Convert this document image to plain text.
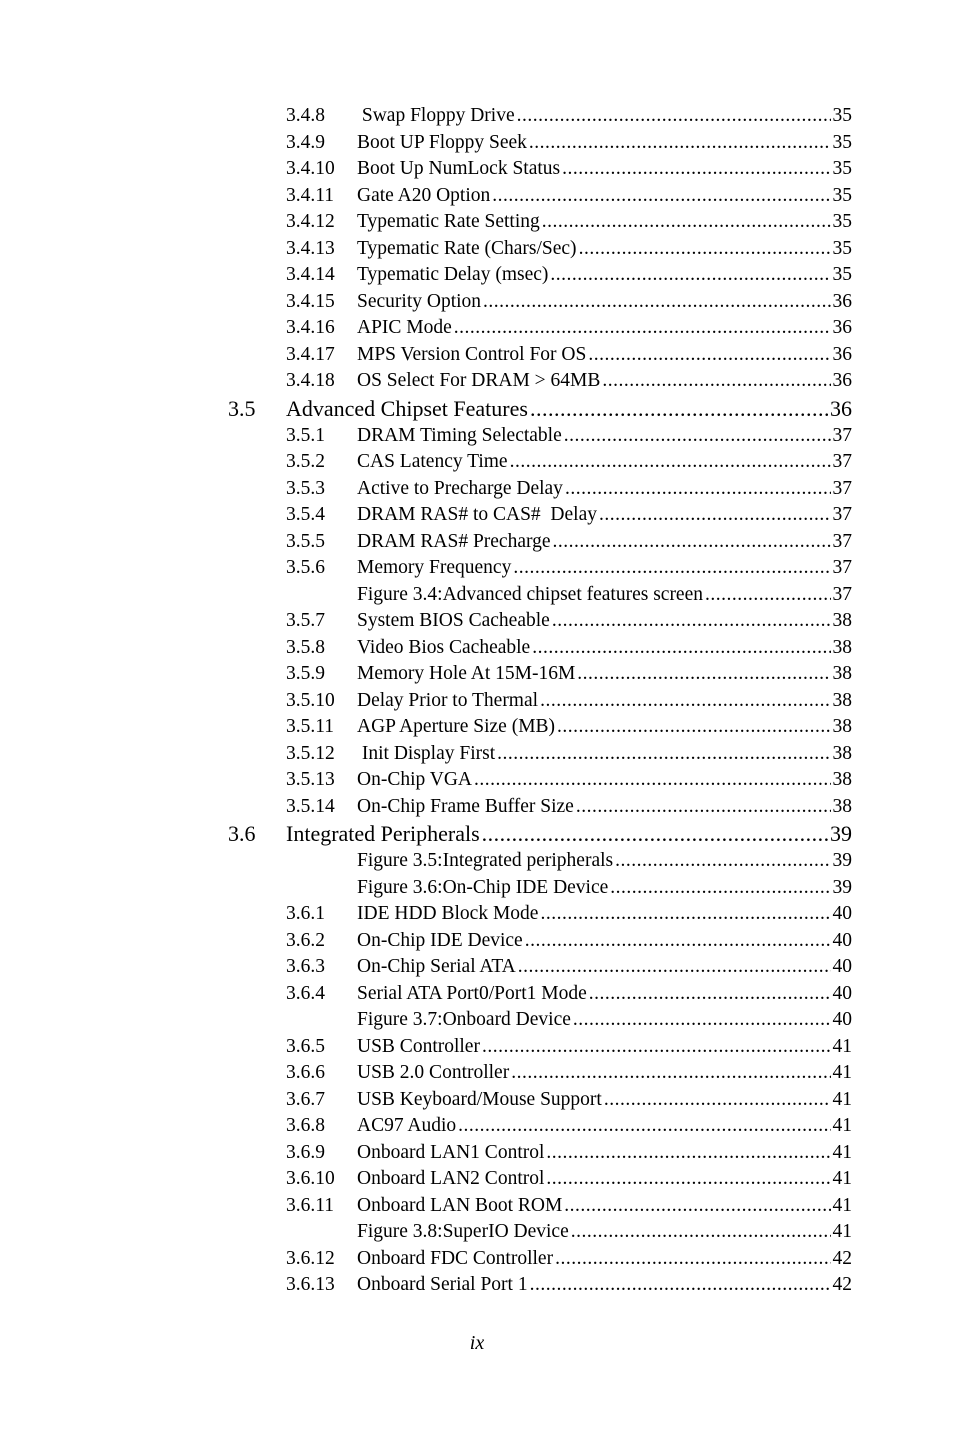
3.4.8 Swap Floppy Drive .....	35
3.4.9 Boot UP Floppy Seek .....	35
3.4.10 Boot Up NumLock Status .....	35
3.4.11 Gate A20 Option .....	35
3.4.12 Typematic Rate Setting .....	35
3.4.13 Typematic Rate (Chars/Sec) .....	35
3.4.14 Typematic Delay (msec) .....	35
3.4.15 Security Option .....	36
3.4.16 APIC Mode .....	36
3.4.17 MPS Version Control For OS .....	36
3.4.18 OS Select For DRAM > 64MB .....	36
3.5 Advanced Chipset Features .....	36
3.5.1 DRAM Timing Selectable .....	37
3.5.2 CAS Latency Time .....	37
3.5.3 Active to Precharge Delay .....	37
3.5.4 DRAM RAS# to CAS#  Delay .....	37
3.5.5 DRAM RAS# Precharge .....	37
3.5.6 Memory Frequency .....	37
Figure 3.4:Advanced chipset features screen .....	37
3.5.7 System BIOS Cacheable .....	38
3.5.8 Video Bios Cacheable .....	38
3.5.9 Memory Hole At 15M-16M .....	38
3.5.10 Delay Prior to Thermal .....	38
3.5.11 AGP Aperture Size (MB) .....	38
3.5.12 Init Display First .....	38
3.5.13 On-Chip VGA .....	38
3.5.14 On-Chip Frame Buffer Size .....	38
3.6 Integrated Peripherals .....	39
Figure 3.5:Integrated peripherals .....	39
Figure 3.6:On-Chip IDE Device .....	39
3.6.1 IDE HDD Block Mode .....	40
3.6.2 On-Chip IDE Device .....	40
3.6.3 On-Chip Serial ATA .....	40
3.6.4 Serial ATA Port0/Port1 Mode .....	40
Figure 3.7:Onboard Device .....	40
3.6.5 USB Controller .....	41
3.6.6 USB 2.0 Controller .....	41
3.6.7 USB Keyboard/Mouse Support .....	41
3.6.8 AC97 Audio .....	41
3.6.9 Onboard LAN1 Control .....	41
3.6.10 Onboard LAN2 Control .....	41
3.6.11 Onboard LAN Boot ROM .....	41
Figure 3.8:SuperIO Device .....	41
3.6.12 Onboard FDC Controller .....	42
3.6.13 Onboard Serial Port 1 .....	42
ix
